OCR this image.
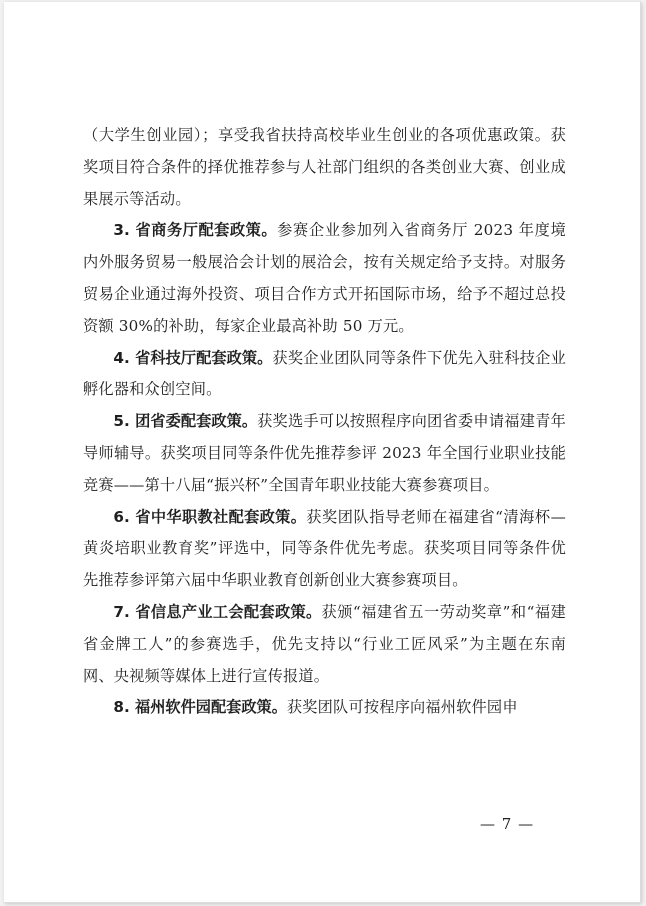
（大学生创业园）；享受我省扶持高校毕业生创业的各项优惠政策。获奖项目符合条件的择优推荐参与人社部门组织的各类创业大赛、创业成果展示等活动。

3. 省商务厅配套政策。参赛企业参加列入省商务厅 2023 年度境内外服务贸易一般展洽会计划的展洽会，按有关规定给予支持。对服务贸易企业通过海外投资、项目合作方式开拓国际市场，给予不超过总投资额 30%的补助，每家企业最高补助 50 万元。

4. 省科技厅配套政策。获奖企业团队同等条件下优先入驻科技企业孵化器和众创空间。

5. 团省委配套政策。获奖选手可以按照程序向团省委申请福建青年导师辅导。获奖项目同等条件优先推荐参评 2023 年全国行业职业技能竞赛——第十八届“振兴杯”全国青年职业技能大赛参赛项目。

6. 省中华职教社配套政策。获奖团队指导老师在福建省“清海杯—黄炎培职业教育奖”评选中，同等条件优先考虑。获奖项目同等条件优先推荐参评第六届中华职业教育创新创业大赛参赛项目。

7. 省信息产业工会配套政策。获颁“福建省五一劳动奖章”和“福建省金牌工人”的参赛选手，优先支持以“行业工匠风采”为主题在东南网、央视频等媒体上进行宣传报道。

8. 福州软件园配套政策。获奖团队可按程序向福州软件园申

— 7 —
